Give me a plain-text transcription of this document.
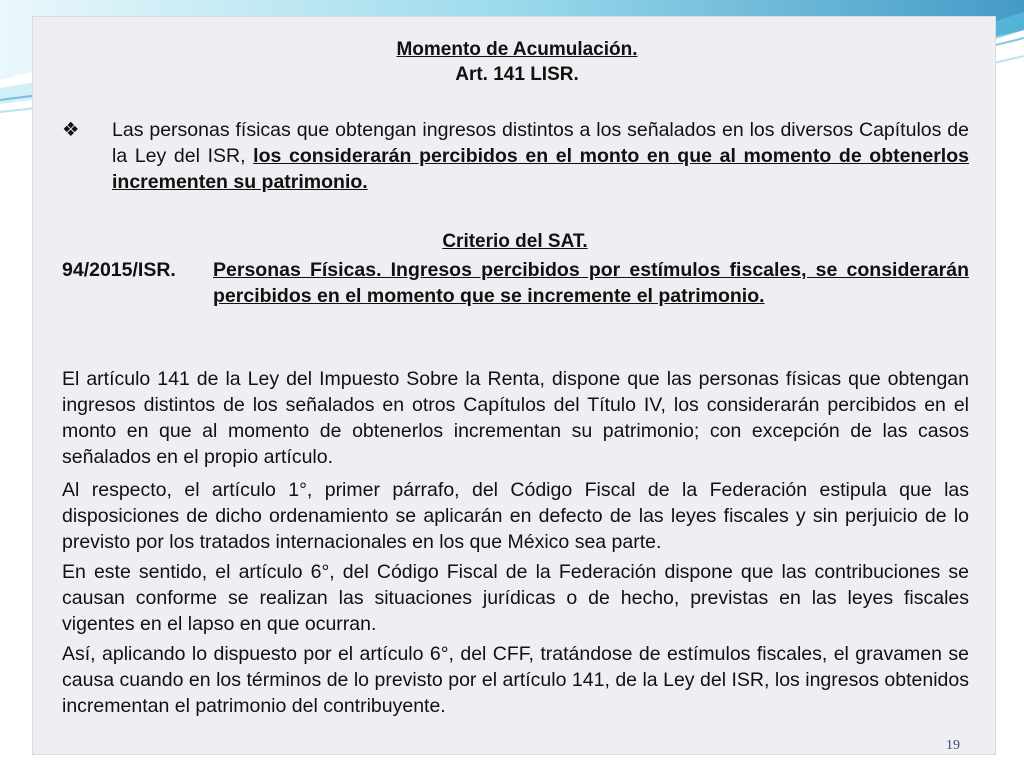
Momento de Acumulación.
Art. 141 LISR.
❖	Las personas físicas que obtengan ingresos distintos a los señalados en los diversos Capítulos de la Ley del ISR, los considerarán percibidos en el monto en que al momento de obtenerlos incrementen su patrimonio.
Criterio del SAT.
94/2015/ISR. Personas Físicas. Ingresos percibidos por estímulos fiscales, se considerarán percibidos en el momento que se incremente el patrimonio.
El artículo 141 de la Ley del Impuesto Sobre la Renta, dispone que las personas físicas que obtengan ingresos distintos de los señalados en otros Capítulos del Título IV, los considerarán percibidos en el monto en que al momento de obtenerlos incrementan su patrimonio; con excepción de las casos señalados en el propio artículo.
Al respecto, el artículo 1°, primer párrafo, del Código Fiscal de la Federación estipula que las disposiciones de dicho ordenamiento se aplicarán en defecto de las leyes fiscales y sin perjuicio de lo previsto por los tratados internacionales en los que México sea parte.
En este sentido, el artículo 6°, del Código Fiscal de la Federación dispone que las contribuciones se causan conforme se realizan las situaciones jurídicas o de hecho, previstas en las leyes fiscales vigentes en el lapso en que ocurran.
Así, aplicando lo dispuesto por el artículo 6°, del CFF, tratándose de estímulos fiscales, el gravamen se causa cuando en los términos de lo previsto por el artículo 141, de la Ley del ISR, los ingresos obtenidos incrementan el patrimonio del contribuyente.
19
